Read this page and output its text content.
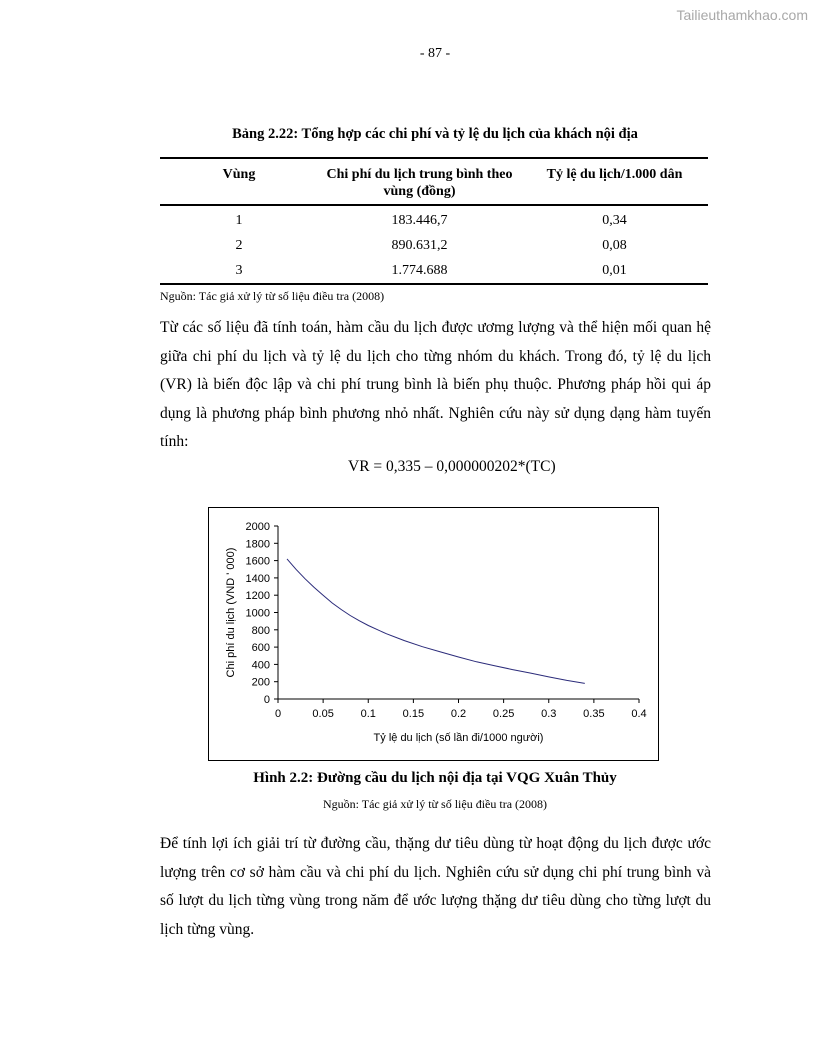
Tailieuthamkhao.com
- 87 -
Bảng 2.22: Tổng hợp các chi phí và tỷ lệ du lịch của khách nội địa
Vùng	Chi phí du lịch trung bình theo vùng (đồng)	Tỷ lệ du lịch/1.000 dân
1	183.446,7	0,34
2	890.631,2	0,08
3	1.774.688	0,01
Nguồn: Tác giả xử lý từ số liệu điều tra (2008)
Từ các số liệu đã tính toán, hàm cầu du lịch được ươmg lượng và thể hiện mối quan hệ giữa chi phí du lịch và tỷ lệ du lịch cho từng nhóm du khách. Trong đó, tỷ lệ du lịch (VR) là biến độc lập và chi phí trung bình là biến phụ thuộc. Phương pháp hồi qui áp dụng là phương pháp bình phương nhỏ nhất. Nghiên cứu này sử dụng dạng hàm tuyến tính:
VR = 0,335 – 0,000000202*(TC)
0
200
400
600
800
1000
1200
1400
1600
1800
2000
0	0.05 0.1 0.15 0.2 0.25 0.3 0.35 0.4
Tỷ lệ du lịch (số lần đi/1000 người)
Chi phí du lịch (VND ' 000)
Hình 2.2: Đường cầu du lịch nội địa tại VQG Xuân Thủy
Nguồn: Tác giả xử lý từ số liệu điều tra (2008)
Để tính lợi ích giải trí từ đường cầu, thặng dư tiêu dùng từ hoạt động du lịch được ước lượng trên cơ sở hàm cầu và chi phí du lịch. Nghiên cứu sử dụng chi phí trung bình và số lượt du lịch từng vùng trong năm để ước lượng thặng dư tiêu dùng cho từng lượt du lịch từng vùng.
